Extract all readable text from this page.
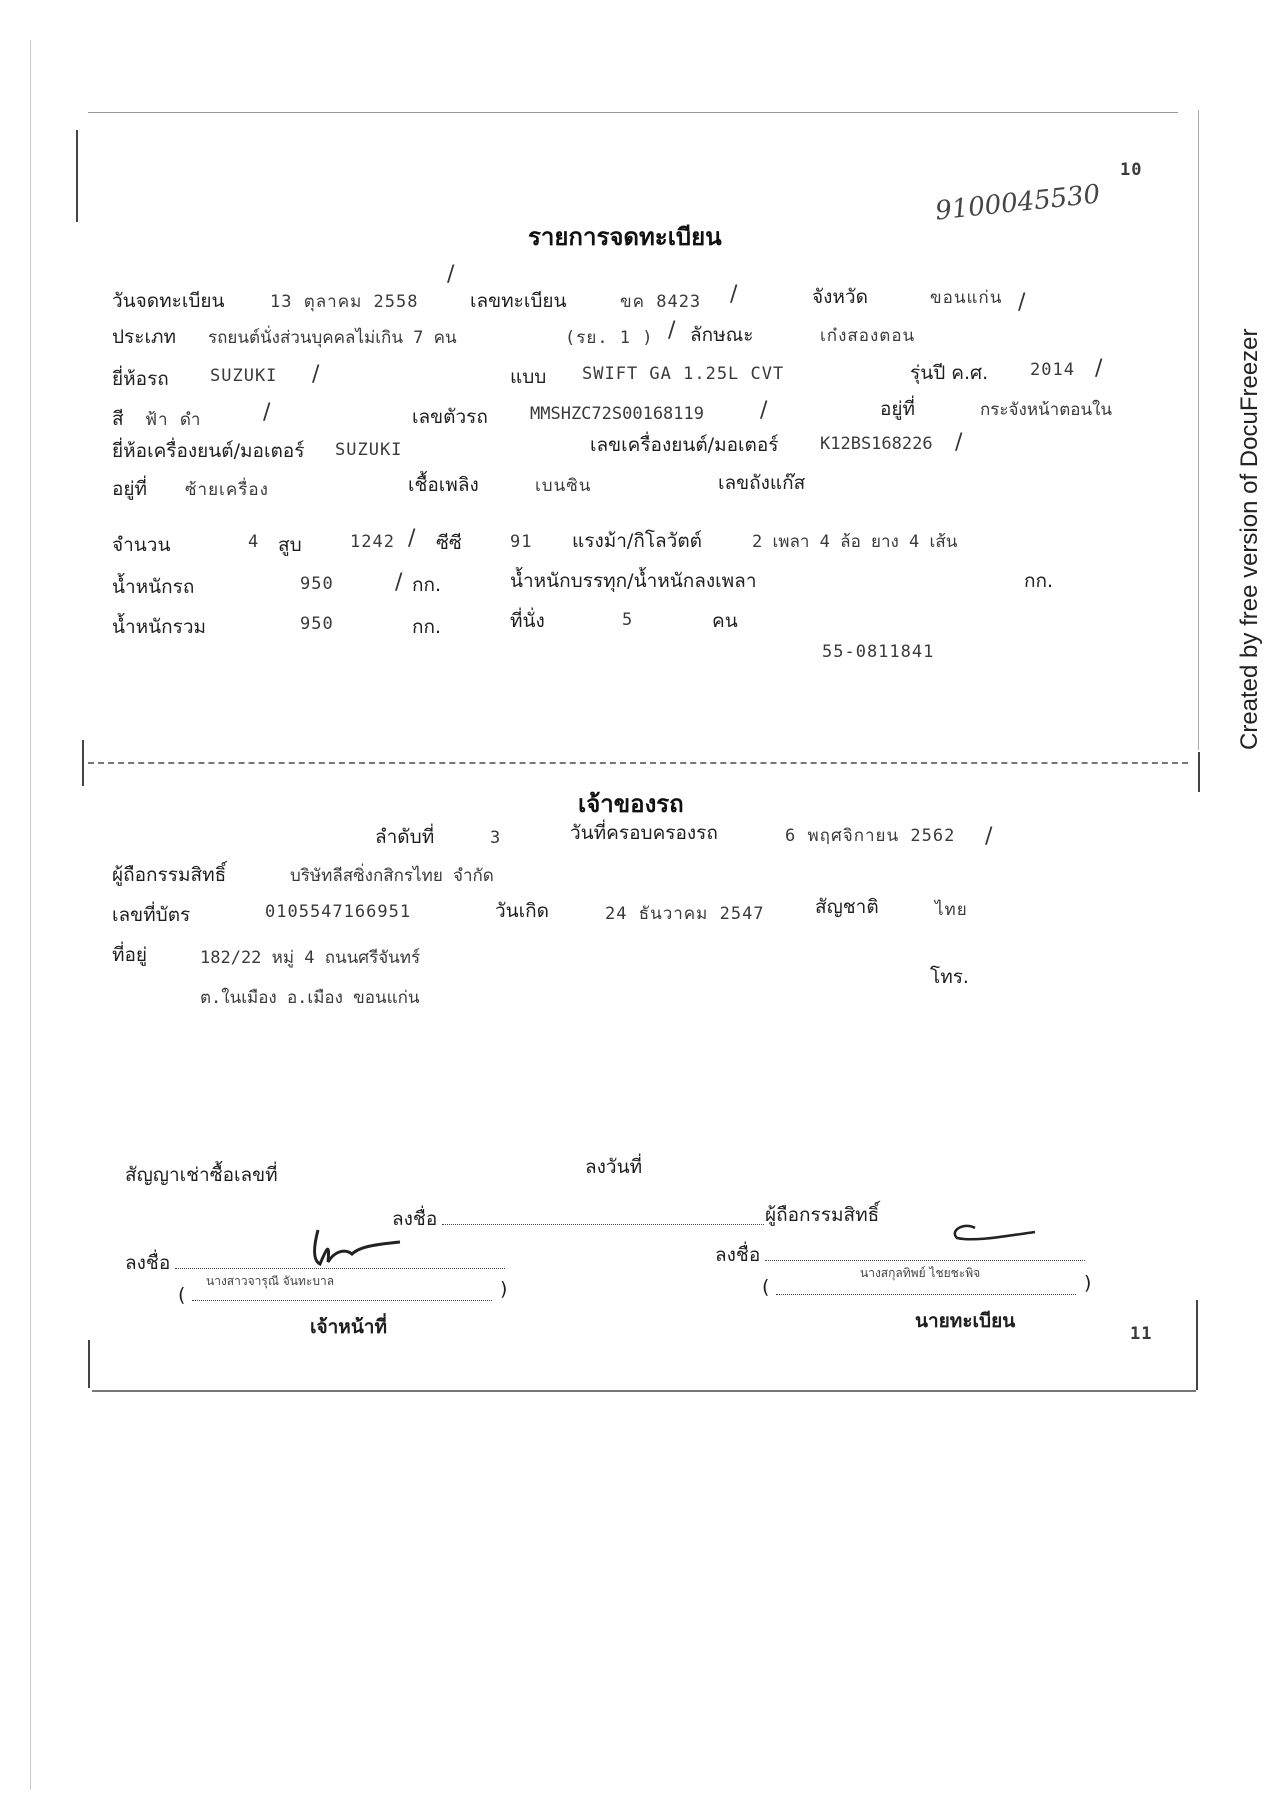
10
9100045530
รายการจดทะเบียน
วันจดทะเบียน	13 ตุลาคม 2558
/
เลขทะเบียน	ขค 8423 /	จังหวัด	ขอนแก่น /
ประเภท รถยนต์นั่งส่วนบุคคลไม่เกิน 7 คน	(รย. 1 ) / ลักษณะ	เก๋งสองตอน
ยี่ห้อรถ SUZUKI /	แบบ SWIFT GA 1.25L CVT	รุ่นปี ค.ศ. 2014 /
สี ฟ้า ดำ	/	เลขตัวรถ MMSHZC72S00168119	/	อยู่ที่	กระจังหน้าตอนใน
ยี่ห้อเครื่องยนต์/มอเตอร์ SUZUKI	เลขเครื่องยนต์/มอเตอร์ K12BS168226 /
อยู่ที่ ซ้ายเครื่อง	เชื้อเพลิง	เบนซิน	เลขถังแก๊ส
จำนวน	4 สูบ	1242 / ซีซี	91 แรงม้า/กิโลวัตต์	2 เพลา 4 ล้อ ยาง 4 เส้น
น้ำหนักรถ	950	/ กก.	น้ำหนักบรรทุก/น้ำหนักลงเพลา	กก.
น้ำหนักรวม	950	กก.	ที่นั่ง	5	คน
55-0811841
เจ้าของรถ
ลำดับที่	3	วันที่ครอบครองรถ	6 พฤศจิกายน 2562 /
ผู้ถือกรรมสิทธิ์	บริษัทลีสซิ่งกสิกรไทย จำกัด
เลขที่บัตร	0105547166951	วันเกิด	24 ธันวาคม 2547	สัญชาติ	ไทย
ที่อยู่	182/22 หมู่ 4 ถนนศรีจันทร์
ต.ในเมือง อ.เมือง ขอนแก่น
โทร.
สัญญาเช่าซื้อเลขที่	ลงวันที่
ลงชื่อ	ผู้ถือกรรมสิทธิ์
ลงชื่อ
นางสาวจารุณี จันทะบาล
(	)
เจ้าหน้าที่
ลงชื่อ
นางสกุลทิพย์ ไชยชะพิจ
(	)
นายทะเบียน
11
Created by free version of DocuFreezer
